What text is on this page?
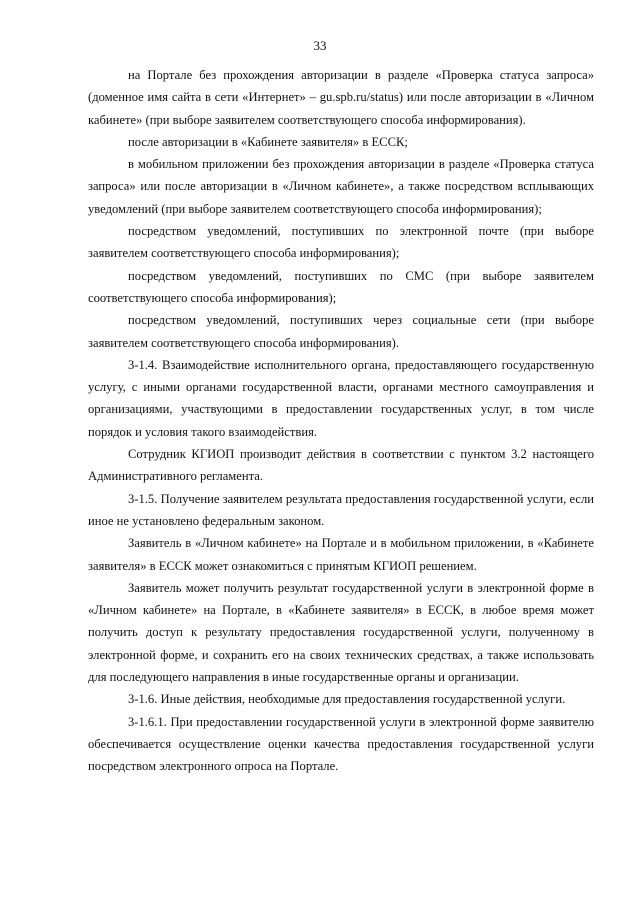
33

на Портале без прохождения авторизации в разделе «Проверка статуса запроса» (доменное имя сайта в сети «Интернет» – gu.spb.ru/status) или после авторизации в «Личном кабинете» (при выборе заявителем соответствующего способа информирования).

после авторизации в «Кабинете заявителя» в ЕССК;

в мобильном приложении без прохождения авторизации в разделе «Проверка статуса запроса» или после авторизации в «Личном кабинете», а также посредством всплывающих уведомлений (при выборе заявителем соответствующего способа информирования);

посредством уведомлений, поступивших по электронной почте (при выборе заявителем соответствующего способа информирования);

посредством уведомлений, поступивших по СМС (при выборе заявителем соответствующего способа информирования);

посредством уведомлений, поступивших через социальные сети (при выборе заявителем соответствующего способа информирования).

3-1.4. Взаимодействие исполнительного органа, предоставляющего государственную услугу, с иными органами государственной власти, органами местного самоуправления и организациями, участвующими в предоставлении государственных услуг, в том числе порядок и условия такого взаимодействия.

Сотрудник КГИОП производит действия в соответствии с пунктом 3.2 настоящего Административного регламента.

3-1.5. Получение заявителем результата предоставления государственной услуги, если иное не установлено федеральным законом.

Заявитель в «Личном кабинете» на Портале и в мобильном приложении, в «Кабинете заявителя» в ЕССК может ознакомиться с принятым КГИОП решением.

Заявитель может получить результат государственной услуги в электронной форме в «Личном кабинете» на Портале, в «Кабинете заявителя» в ЕССК, в любое время может получить доступ к результату предоставления государственной услуги, полученному в электронной форме, и сохранить его на своих технических средствах, а также использовать для последующего направления в иные государственные органы и организации.

3-1.6. Иные действия, необходимые для предоставления государственной услуги.

3-1.6.1. При предоставлении государственной услуги в электронной форме заявителю обеспечивается осуществление оценки качества предоставления государственной услуги посредством электронного опроса на Портале.
